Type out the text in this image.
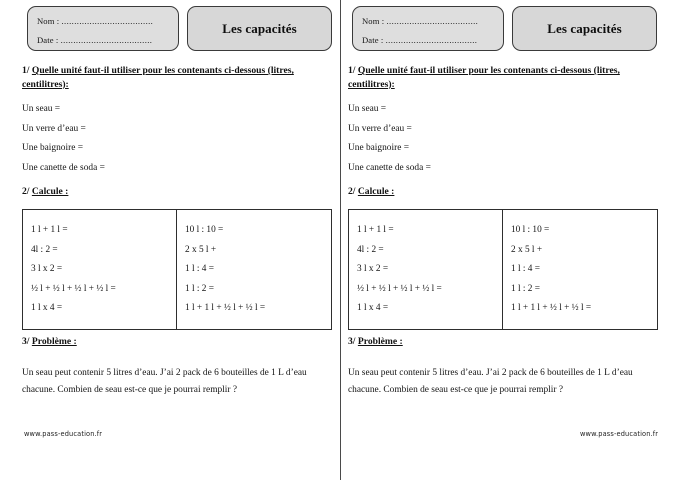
Nom : ....................................
Date : ....................................
Les capacités
1/ Quelle unité faut-il utiliser pour les contenants ci-dessous (litres, centilitres):
Un seau =
Un verre d’eau =
Une baignoire =
Une canette de soda =
2/ Calcule :
1 l + 1 l =
4l : 2 =
3 l x 2 =
½ l + ½ l + ½ l + ½ l =
1 l x 4 =
10 l : 10 =
2 x 5 l +
1 l : 4 =
1 l : 2 =
1 l + 1 l + ½ l + ½ l =
3/ Problème :
Un seau peut contenir 5 litres d’eau. J’ai 2 pack de 6 bouteilles de 1 L d’eau chacune. Combien de seau est-ce que je pourrai remplir ?
www.pass-education.fr
Nom : ....................................
Date : ....................................
Les capacités
1/ Quelle unité faut-il utiliser pour les contenants ci-dessous (litres, centilitres):
Un seau =
Un verre d’eau =
Une baignoire =
Une canette de soda =
2/ Calcule :
1 l + 1 l =
4l : 2 =
3 l x 2 =
½ l + ½ l + ½ l + ½ l =
1 l x 4 =
10 l : 10 =
2 x 5 l +
1 l : 4 =
1 l : 2 =
1 l + 1 l + ½ l + ½ l =
3/ Problème :
Un seau peut contenir 5 litres d’eau. J’ai 2 pack de 6 bouteilles de 1 L d’eau chacune. Combien de seau est-ce que je pourrai remplir ?
www.pass-education.fr
